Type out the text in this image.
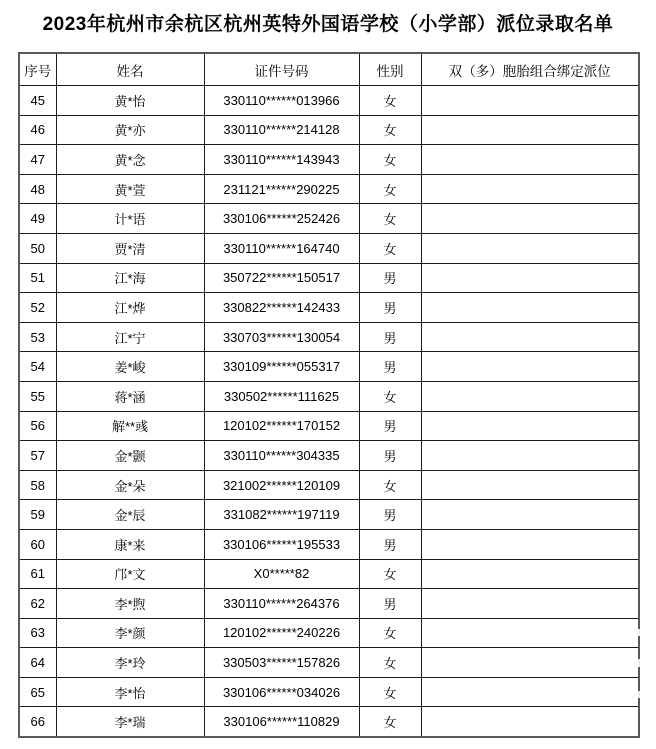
2023年杭州市余杭区杭州英特外国语学校（小学部）派位录取名单
序号	姓名	证件号码	性别	双（多）胞胎组合绑定派位
45	黄*怡	330110******013966	女	
46	黄*亦	330110******214128	女	
47	黄*念	330110******143943	女	
48	黄*萱	231121******290225	女	
49	计*语	330106******252426	女	
50	贾*清	330110******164740	女	
51	江*海	350722******150517	男	
52	江*烨	330822******142433	男	
53	江*宁	330703******130054	男	
54	姜*峻	330109******055317	男	
55	蒋*涵	330502******111625	女	
56	解**彧	120102******170152	男	
57	金*颢	330110******304335	男	
58	金*朵	321002******120109	女	
59	金*辰	331082******197119	男	
60	康*来	330106******195533	男	
61	邝*文	X0*****82	女	
62	李*煦	330110******264376	男	
63	李*颜	120102******240226	女	
64	李*玲	330503******157826	女	
65	李*怡	330106******034026	女	
66	李*瑞	330106******110829	女	
